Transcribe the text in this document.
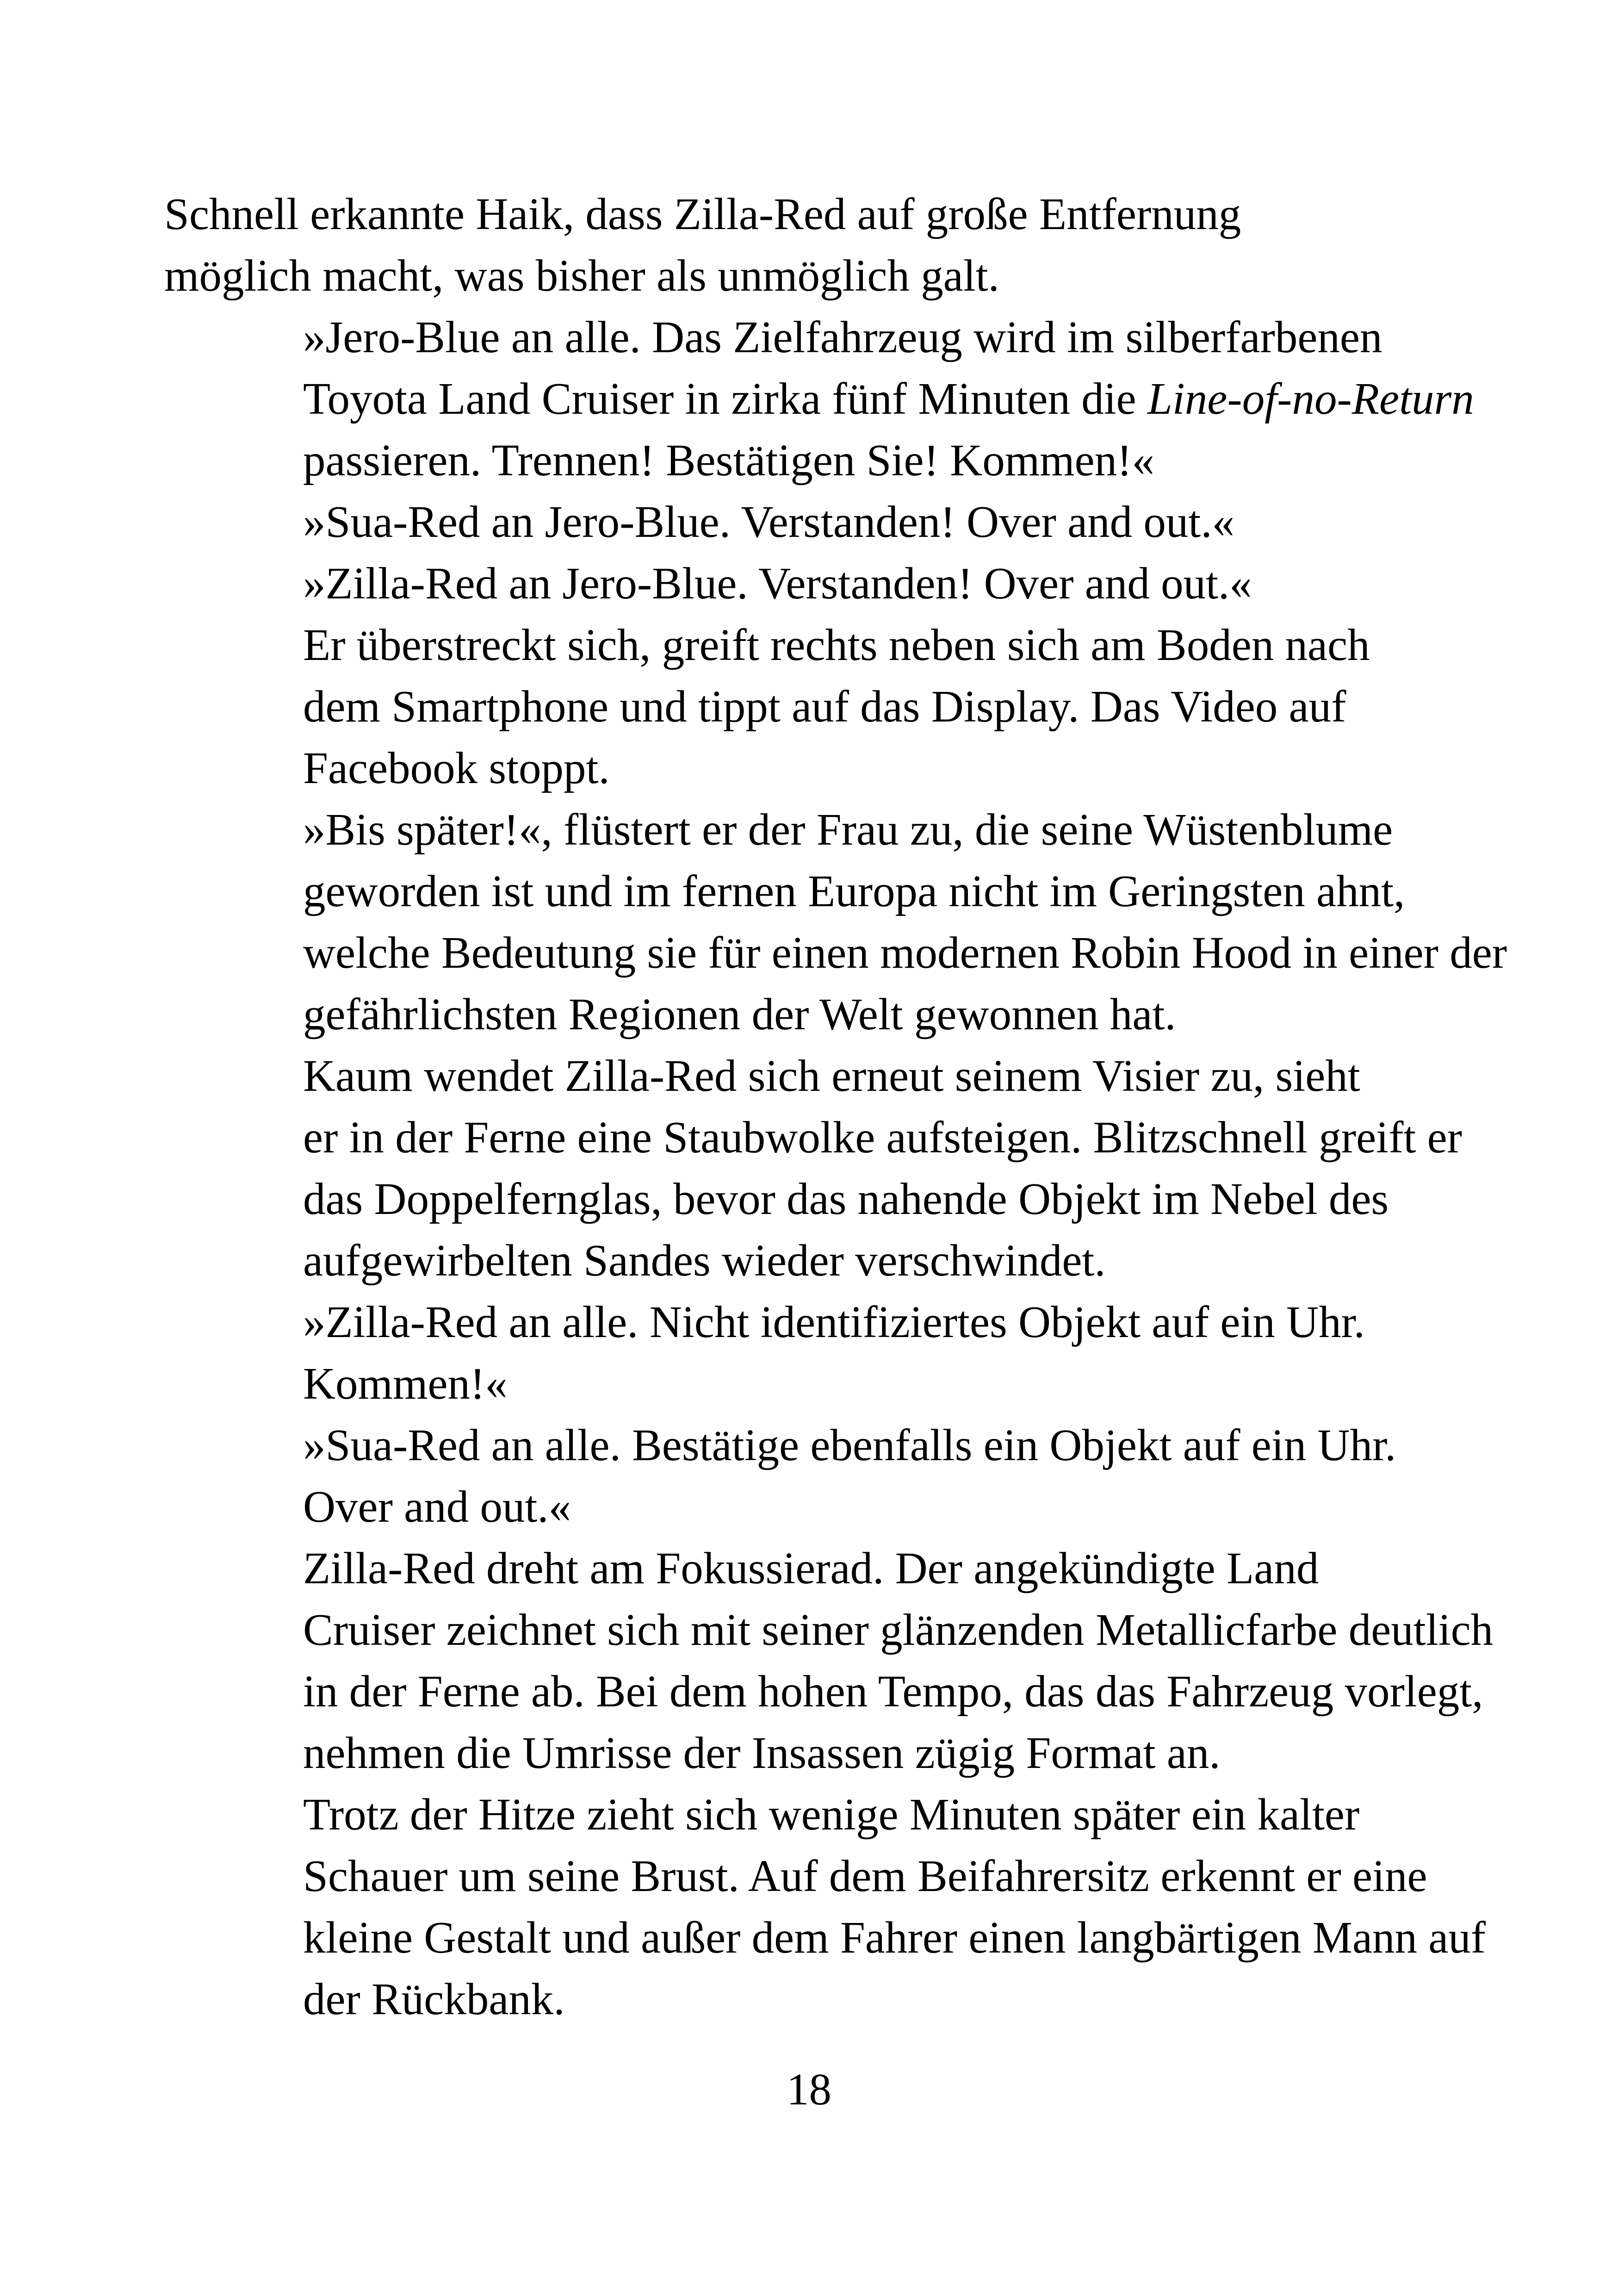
Schnell erkannte Haik, dass Zilla-Red auf große Entfernung
möglich macht, was bisher als unmöglich galt.
»Jero-Blue an alle. Das Zielfahrzeug wird im silberfarbenen
Toyota Land Cruiser in zirka fünf Minuten die Line-of-no-Return
passieren. Trennen! Bestätigen Sie! Kommen!«
»Sua-Red an Jero-Blue. Verstanden! Over and out.«
»Zilla-Red an Jero-Blue. Verstanden! Over and out.«
Er überstreckt sich, greift rechts neben sich am Boden nach
dem Smartphone und tippt auf das Display. Das Video auf
Facebook stoppt.
»Bis später!«, flüstert er der Frau zu, die seine Wüstenblume
geworden ist und im fernen Europa nicht im Geringsten ahnt,
welche Bedeutung sie für einen modernen Robin Hood in einer der
gefährlichsten Regionen der Welt gewonnen hat.
Kaum wendet Zilla-Red sich erneut seinem Visier zu, sieht
er in der Ferne eine Staubwolke aufsteigen. Blitzschnell greift er
das Doppelfernglas, bevor das nahende Objekt im Nebel des
aufgewirbelten Sandes wieder verschwindet.
»Zilla-Red an alle. Nicht identifiziertes Objekt auf ein Uhr.
Kommen!«
»Sua-Red an alle. Bestätige ebenfalls ein Objekt auf ein Uhr.
Over and out.«
Zilla-Red dreht am Fokussierad. Der angekündigte Land
Cruiser zeichnet sich mit seiner glänzenden Metallicfarbe deutlich
in der Ferne ab. Bei dem hohen Tempo, das das Fahrzeug vorlegt,
nehmen die Umrisse der Insassen zügig Format an.
Trotz der Hitze zieht sich wenige Minuten später ein kalter
Schauer um seine Brust. Auf dem Beifahrersitz erkennt er eine
kleine Gestalt und außer dem Fahrer einen langbärtigen Mann auf
der Rückbank.
18
